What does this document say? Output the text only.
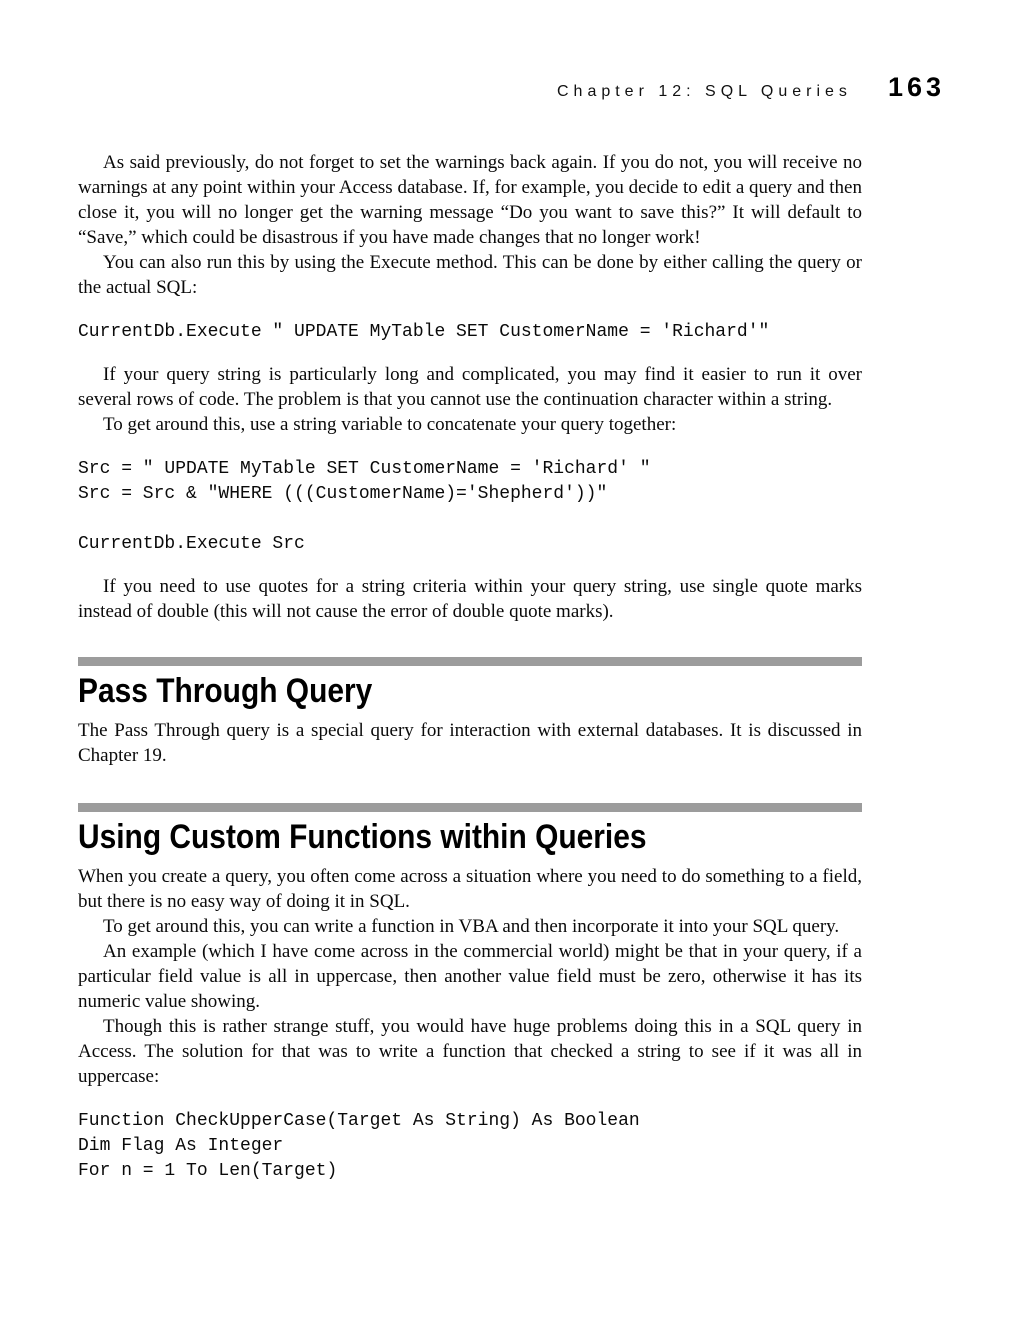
Chapter 12: SQL Queries 163

As said previously, do not forget to set the warnings back again. If you do not, you will receive no warnings at any point within your Access database. If, for example, you decide to edit a query and then close it, you will no longer get the warning message “Do you want to save this?” It will default to “Save,” which could be disastrous if you have made changes that no longer work!

You can also run this by using the Execute method. This can be done by either calling the query or the actual SQL:

CurrentDb.Execute " UPDATE MyTable SET CustomerName = 'Richard'"

If your query string is particularly long and complicated, you may find it easier to run it over several rows of code. The problem is that you cannot use the continuation character within a string.

To get around this, use a string variable to concatenate your query together:

Src = " UPDATE MyTable SET CustomerName = 'Richard' "
Src = Src & "WHERE (((CustomerName)='Shepherd'))"

CurrentDb.Execute Src

If you need to use quotes for a string criteria within your query string, use single quote marks instead of double (this will not cause the error of double quote marks).

Pass Through Query

The Pass Through query is a special query for interaction with external databases. It is discussed in Chapter 19.

Using Custom Functions within Queries

When you create a query, you often come across a situation where you need to do something to a field, but there is no easy way of doing it in SQL.

To get around this, you can write a function in VBA and then incorporate it into your SQL query.

An example (which I have come across in the commercial world) might be that in your query, if a particular field value is all in uppercase, then another value field must be zero, otherwise it has its numeric value showing.

Though this is rather strange stuff, you would have huge problems doing this in a SQL query in Access. The solution for that was to write a function that checked a string to see if it was all in uppercase:

Function CheckUpperCase(Target As String) As Boolean
Dim Flag As Integer
For n = 1 To Len(Target)
